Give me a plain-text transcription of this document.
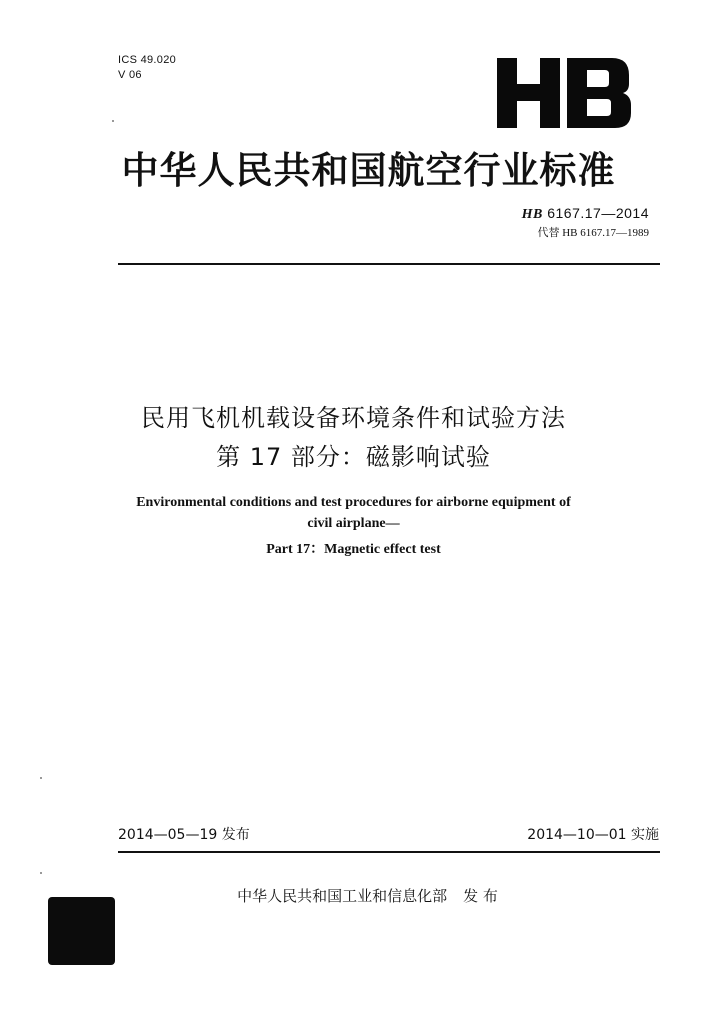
ICS 49.020
V 06
中华人民共和国航空行业标准
HB 6167.17—2014
代替 HB 6167.17—1989
民用飞机机载设备环境条件和试验方法
第 17 部分：磁影响试验
Environmental conditions and test procedures for airborne equipment of
civil airplane—
Part 17：Magnetic effect test
2014—05—19 发布	2014—10—01 实施
中华人民共和国工业和信息化部 发 布
